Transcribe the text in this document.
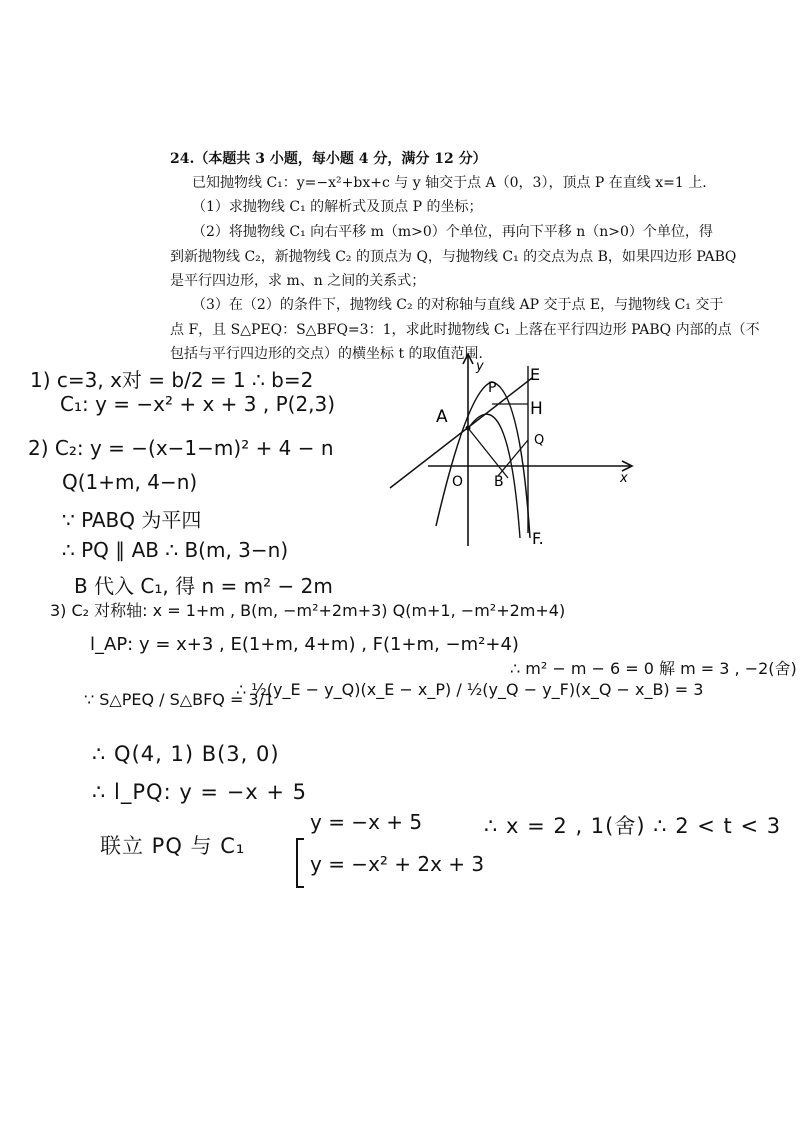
24.（本题共 3 小题，每小题 4 分，满分 12 分）
已知抛物线 C₁：y=−x²+bx+c 与 y 轴交于点 A（0，3），顶点 P 在直线 x=1 上.
（1）求抛物线 C₁ 的解析式及顶点 P 的坐标；
（2）将抛物线 C₁ 向右平移 m（m>0）个单位，再向下平移 n（n>0）个单位，得
到新抛物线 C₂，新抛物线 C₂ 的顶点为 Q，与抛物线 C₁ 的交点为点 B，如果四边形 PABQ
是平行四边形，求 m、n 之间的关系式；
（3）在（2）的条件下，抛物线 C₂ 的对称轴与直线 AP 交于点 E，与抛物线 C₁ 交于
点 F，且 S△PEQ：S△BFQ=3：1，求此时抛物线 C₁ 上落在平行四边形 PABQ 内部的点（不
包括与平行四边形的交点）的横坐标 t 的取值范围.
y
x
O
A
P
E
H
Q
B
F.
1) c=3, x对 = b/2 = 1 ∴ b=2
C₁: y = −x² + x + 3 , P(2,3)
2) C₂: y = −(x−1−m)² + 4 − n
Q(1+m, 4−n)
∵ PABQ 为平四
∴ PQ ∥ AB ∴ B(m, 3−n)
B 代入 C₁, 得 n = m² − 2m
3) C₂ 对称轴: x = 1+m , B(m, −m²+2m+3) Q(m+1, −m²+2m+4)
l_AP: y = x+3 , E(1+m, 4+m) , F(1+m, −m²+4)
∵ S△PEQ / S△BFQ = 3/1
∴ ½(y_E − y_Q)(x_E − x_P) / ½(y_Q − y_F)(x_Q − x_B) = 3
∴ m² − m − 6 = 0 解 m = 3 , −2(舍)
∴ Q(4, 1) B(3, 0)
∴ l_PQ: y = −x + 5
联立 PQ 与 C₁
y = −x + 5
y = −x² + 2x + 3
∴ x = 2 , 1(舍) ∴ 2 < t < 3
